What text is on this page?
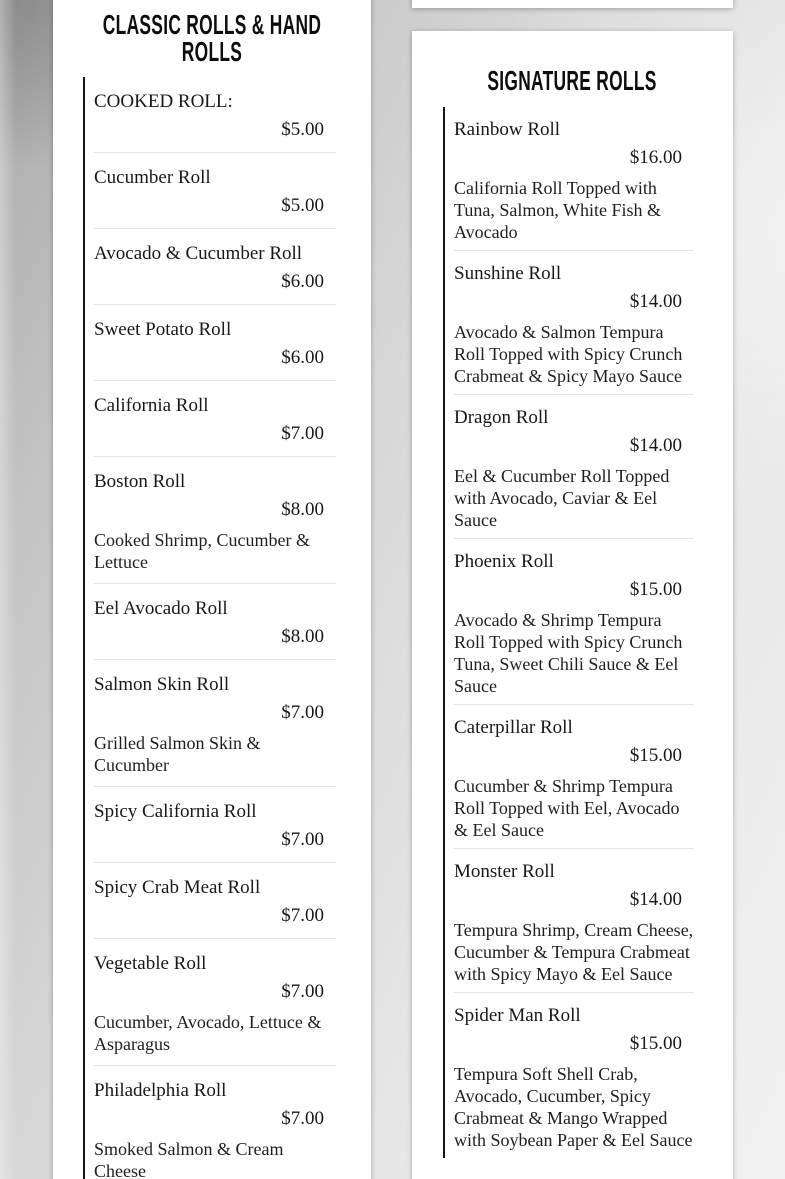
CLASSIC ROLLS & HAND ROLLS
COOKED ROLL:
$5.00
Cucumber Roll
$5.00
Avocado & Cucumber Roll
$6.00
Sweet Potato Roll
$6.00
California Roll
$7.00
Boston Roll
$8.00
Cooked Shrimp, Cucumber & Lettuce
Eel Avocado Roll
$8.00
Salmon Skin Roll
$7.00
Grilled Salmon Skin & Cucumber
Spicy California Roll
$7.00
Spicy Crab Meat Roll
$7.00
Vegetable Roll
$7.00
Cucumber, Avocado, Lettuce & Asparagus
Philadelphia Roll
$7.00
Smoked Salmon & Cream Cheese
SIGNATURE ROLLS
Rainbow Roll
$16.00
California Roll Topped with Tuna, Salmon, White Fish & Avocado
Sunshine Roll
$14.00
Avocado & Salmon Tempura Roll Topped with Spicy Crunch Crabmeat & Spicy Mayo Sauce
Dragon Roll
$14.00
Eel & Cucumber Roll Topped with Avocado, Caviar & Eel Sauce
Phoenix Roll
$15.00
Avocado & Shrimp Tempura Roll Topped with Spicy Crunch Tuna, Sweet Chili Sauce & Eel Sauce
Caterpillar Roll
$15.00
Cucumber & Shrimp Tempura Roll Topped with Eel, Avocado & Eel Sauce
Monster Roll
$14.00
Tempura Shrimp, Cream Cheese, Cucumber & Tempura Crabmeat with Spicy Mayo & Eel Sauce
Spider Man Roll
$15.00
Tempura Soft Shell Crab, Avocado, Cucumber, Spicy Crabmeat & Mango Wrapped with Soybean Paper & Eel Sauce
